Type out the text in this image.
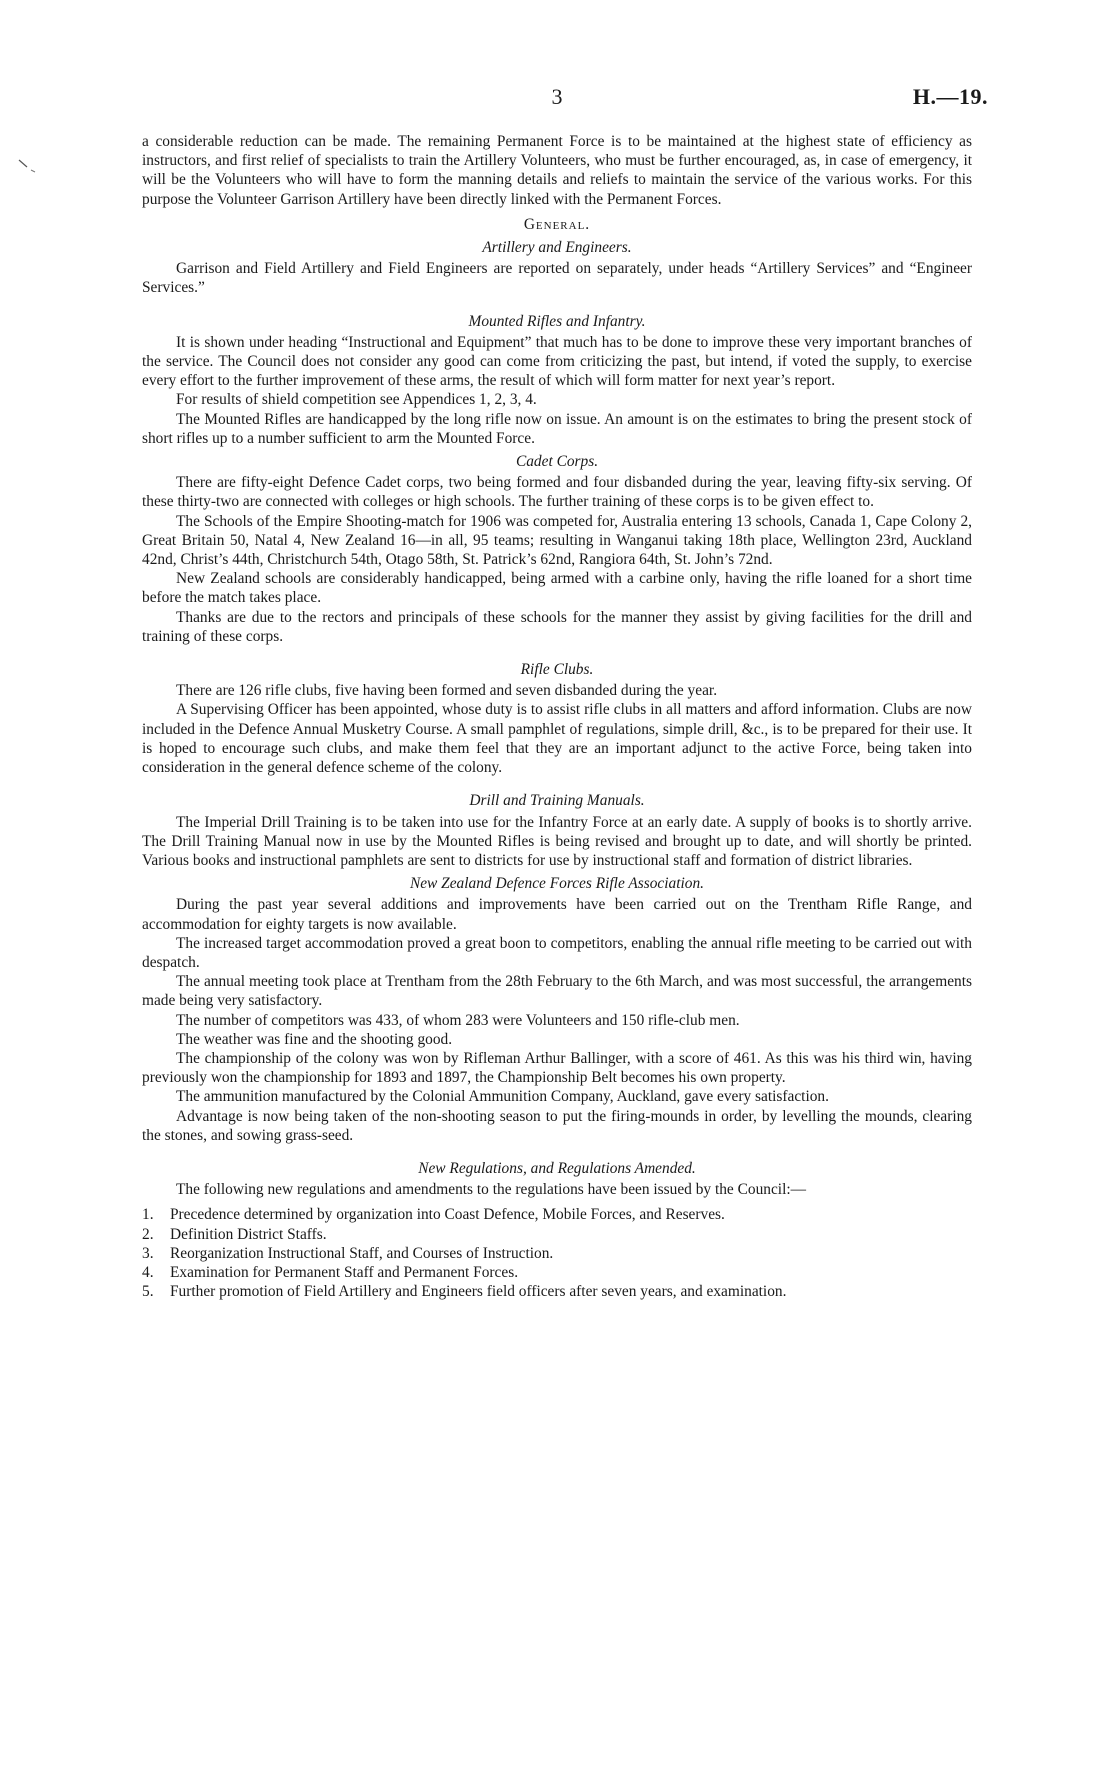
3	H.—19.

a considerable reduction can be made. The remaining Permanent Force is to be maintained at the highest state of efficiency as instructors, and first relief of specialists to train the Artillery Volunteers, who must be further encouraged, as, in case of emergency, it will be the Volunteers who will have to form the manning details and reliefs to maintain the service of the various works. For this purpose the Volunteer Garrison Artillery have been directly linked with the Permanent Forces.

General.
Artillery and Engineers.

Garrison and Field Artillery and Field Engineers are reported on separately, under heads “Artillery Services” and “Engineer Services.”

Mounted Rifles and Infantry.

It is shown under heading “Instructional and Equipment” that much has to be done to improve these very important branches of the service. The Council does not consider any good can come from criticizing the past, but intend, if voted the supply, to exercise every effort to the further improvement of these arms, the result of which will form matter for next year’s report.

For results of shield competition see Appendices 1, 2, 3, 4.

The Mounted Rifles are handicapped by the long rifle now on issue. An amount is on the estimates to bring the present stock of short rifles up to a number sufficient to arm the Mounted Force.

Cadet Corps.

There are fifty-eight Defence Cadet corps, two being formed and four disbanded during the year, leaving fifty-six serving. Of these thirty-two are connected with colleges or high schools. The further training of these corps is to be given effect to.

The Schools of the Empire Shooting-match for 1906 was competed for, Australia entering 13 schools, Canada 1, Cape Colony 2, Great Britain 50, Natal 4, New Zealand 16—in all, 95 teams; resulting in Wanganui taking 18th place, Wellington 23rd, Auckland 42nd, Christ’s 44th, Christchurch 54th, Otago 58th, St. Patrick’s 62nd, Rangiora 64th, St. John’s 72nd.

New Zealand schools are considerably handicapped, being armed with a carbine only, having the rifle loaned for a short time before the match takes place.

Thanks are due to the rectors and principals of these schools for the manner they assist by giving facilities for the drill and training of these corps.

Rifle Clubs.

There are 126 rifle clubs, five having been formed and seven disbanded during the year.

A Supervising Officer has been appointed, whose duty is to assist rifle clubs in all matters and afford information. Clubs are now included in the Defence Annual Musketry Course. A small pamphlet of regulations, simple drill, &c., is to be prepared for their use. It is hoped to encourage such clubs, and make them feel that they are an important adjunct to the active Force, being taken into consideration in the general defence scheme of the colony.

Drill and Training Manuals.

The Imperial Drill Training is to be taken into use for the Infantry Force at an early date. A supply of books is to shortly arrive. The Drill Training Manual now in use by the Mounted Rifles is being revised and brought up to date, and will shortly be printed. Various books and instructional pamphlets are sent to districts for use by instructional staff and formation of district libraries.

New Zealand Defence Forces Rifle Association.

During the past year several additions and improvements have been carried out on the Trentham Rifle Range, and accommodation for eighty targets is now available.

The increased target accommodation proved a great boon to competitors, enabling the annual rifle meeting to be carried out with despatch.

The annual meeting took place at Trentham from the 28th February to the 6th March, and was most successful, the arrangements made being very satisfactory.

The number of competitors was 433, of whom 283 were Volunteers and 150 rifle-club men.

The weather was fine and the shooting good.

The championship of the colony was won by Rifleman Arthur Ballinger, with a score of 461. As this was his third win, having previously won the championship for 1893 and 1897, the Championship Belt becomes his own property.

The ammunition manufactured by the Colonial Ammunition Company, Auckland, gave every satisfaction.

Advantage is now being taken of the non-shooting season to put the firing-mounds in order, by levelling the mounds, clearing the stones, and sowing grass-seed.

New Regulations, and Regulations Amended.

The following new regulations and amendments to the regulations have been issued by the Council:—

1. Precedence determined by organization into Coast Defence, Mobile Forces, and Reserves.
2. Definition District Staffs.
3. Reorganization Instructional Staff, and Courses of Instruction.
4. Examination for Permanent Staff and Permanent Forces.
5. Further promotion of Field Artillery and Engineers field officers after seven years, and examination.
